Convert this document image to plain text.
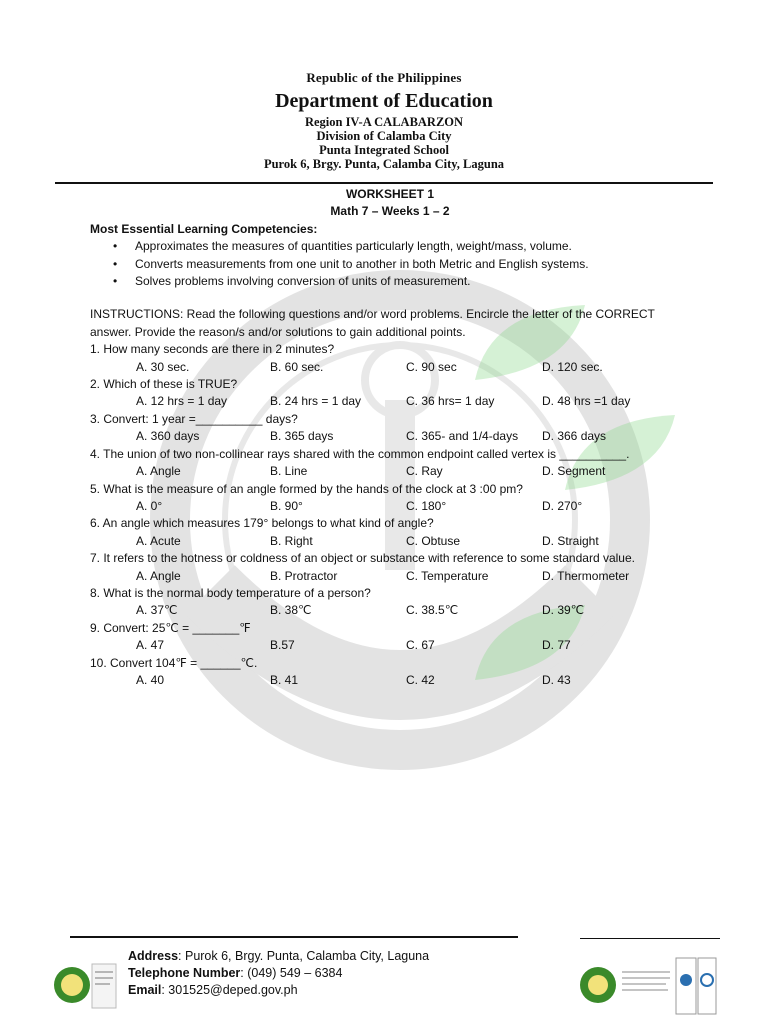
Republic of the Philippines
Department of Education
Region IV-A CALABARZON
Division of Calamba City
Punta Integrated School
Purok 6, Brgy. Punta, Calamba City, Laguna
WORKSHEET 1
Math 7 – Weeks 1 – 2
Most Essential Learning Competencies:
• Approximates the measures of quantities particularly length, weight/mass, volume.
• Converts measurements from one unit to another in both Metric and English systems.
• Solves problems involving conversion of units of measurement.
INSTRUCTIONS: Read the following questions and/or word problems. Encircle the letter of the CORRECT answer. Provide the reason/s and/or solutions to gain additional points.
1. How many seconds are there in 2 minutes?
A. 30 sec.	B. 60 sec.	C. 90 sec	D. 120 sec.
2. Which of these is TRUE?
A. 12 hrs = 1 day	B. 24 hrs = 1 day	C. 36 hrs= 1 day	D. 48 hrs =1 day
3. Convert: 1 year =__________ days?
A. 360 days	B. 365 days	C. 365- and 1/4-days	D. 366 days
4. The union of two non-collinear rays shared with the common endpoint called vertex is __________.
A. Angle	B. Line	C. Ray	D. Segment
5. What is the measure of an angle formed by the hands of the clock at 3 :00 pm?
A. 0°	B. 90°	C. 180°	D. 270°
6. An angle which measures 179° belongs to what kind of angle?
A. Acute	B. Right	C. Obtuse	D. Straight
7. It refers to the hotness or coldness of an object or substance with reference to some standard value.
A. Angle	B. Protractor	C. Temperature	D. Thermometer
8. What is the normal body temperature of a person?
A. 37℃	B. 38℃	C. 38.5℃	D. 39℃
9. Convert: 25℃ = _______℉
A. 47	B.57	C. 67	D. 77
10. Convert 104℉ = ______℃.
A. 40	B. 41	C. 42	D. 43
Address: Purok 6, Brgy. Punta, Calamba City, Laguna
Telephone Number: (049) 549 – 6384
Email: 301525@deped.gov.ph
